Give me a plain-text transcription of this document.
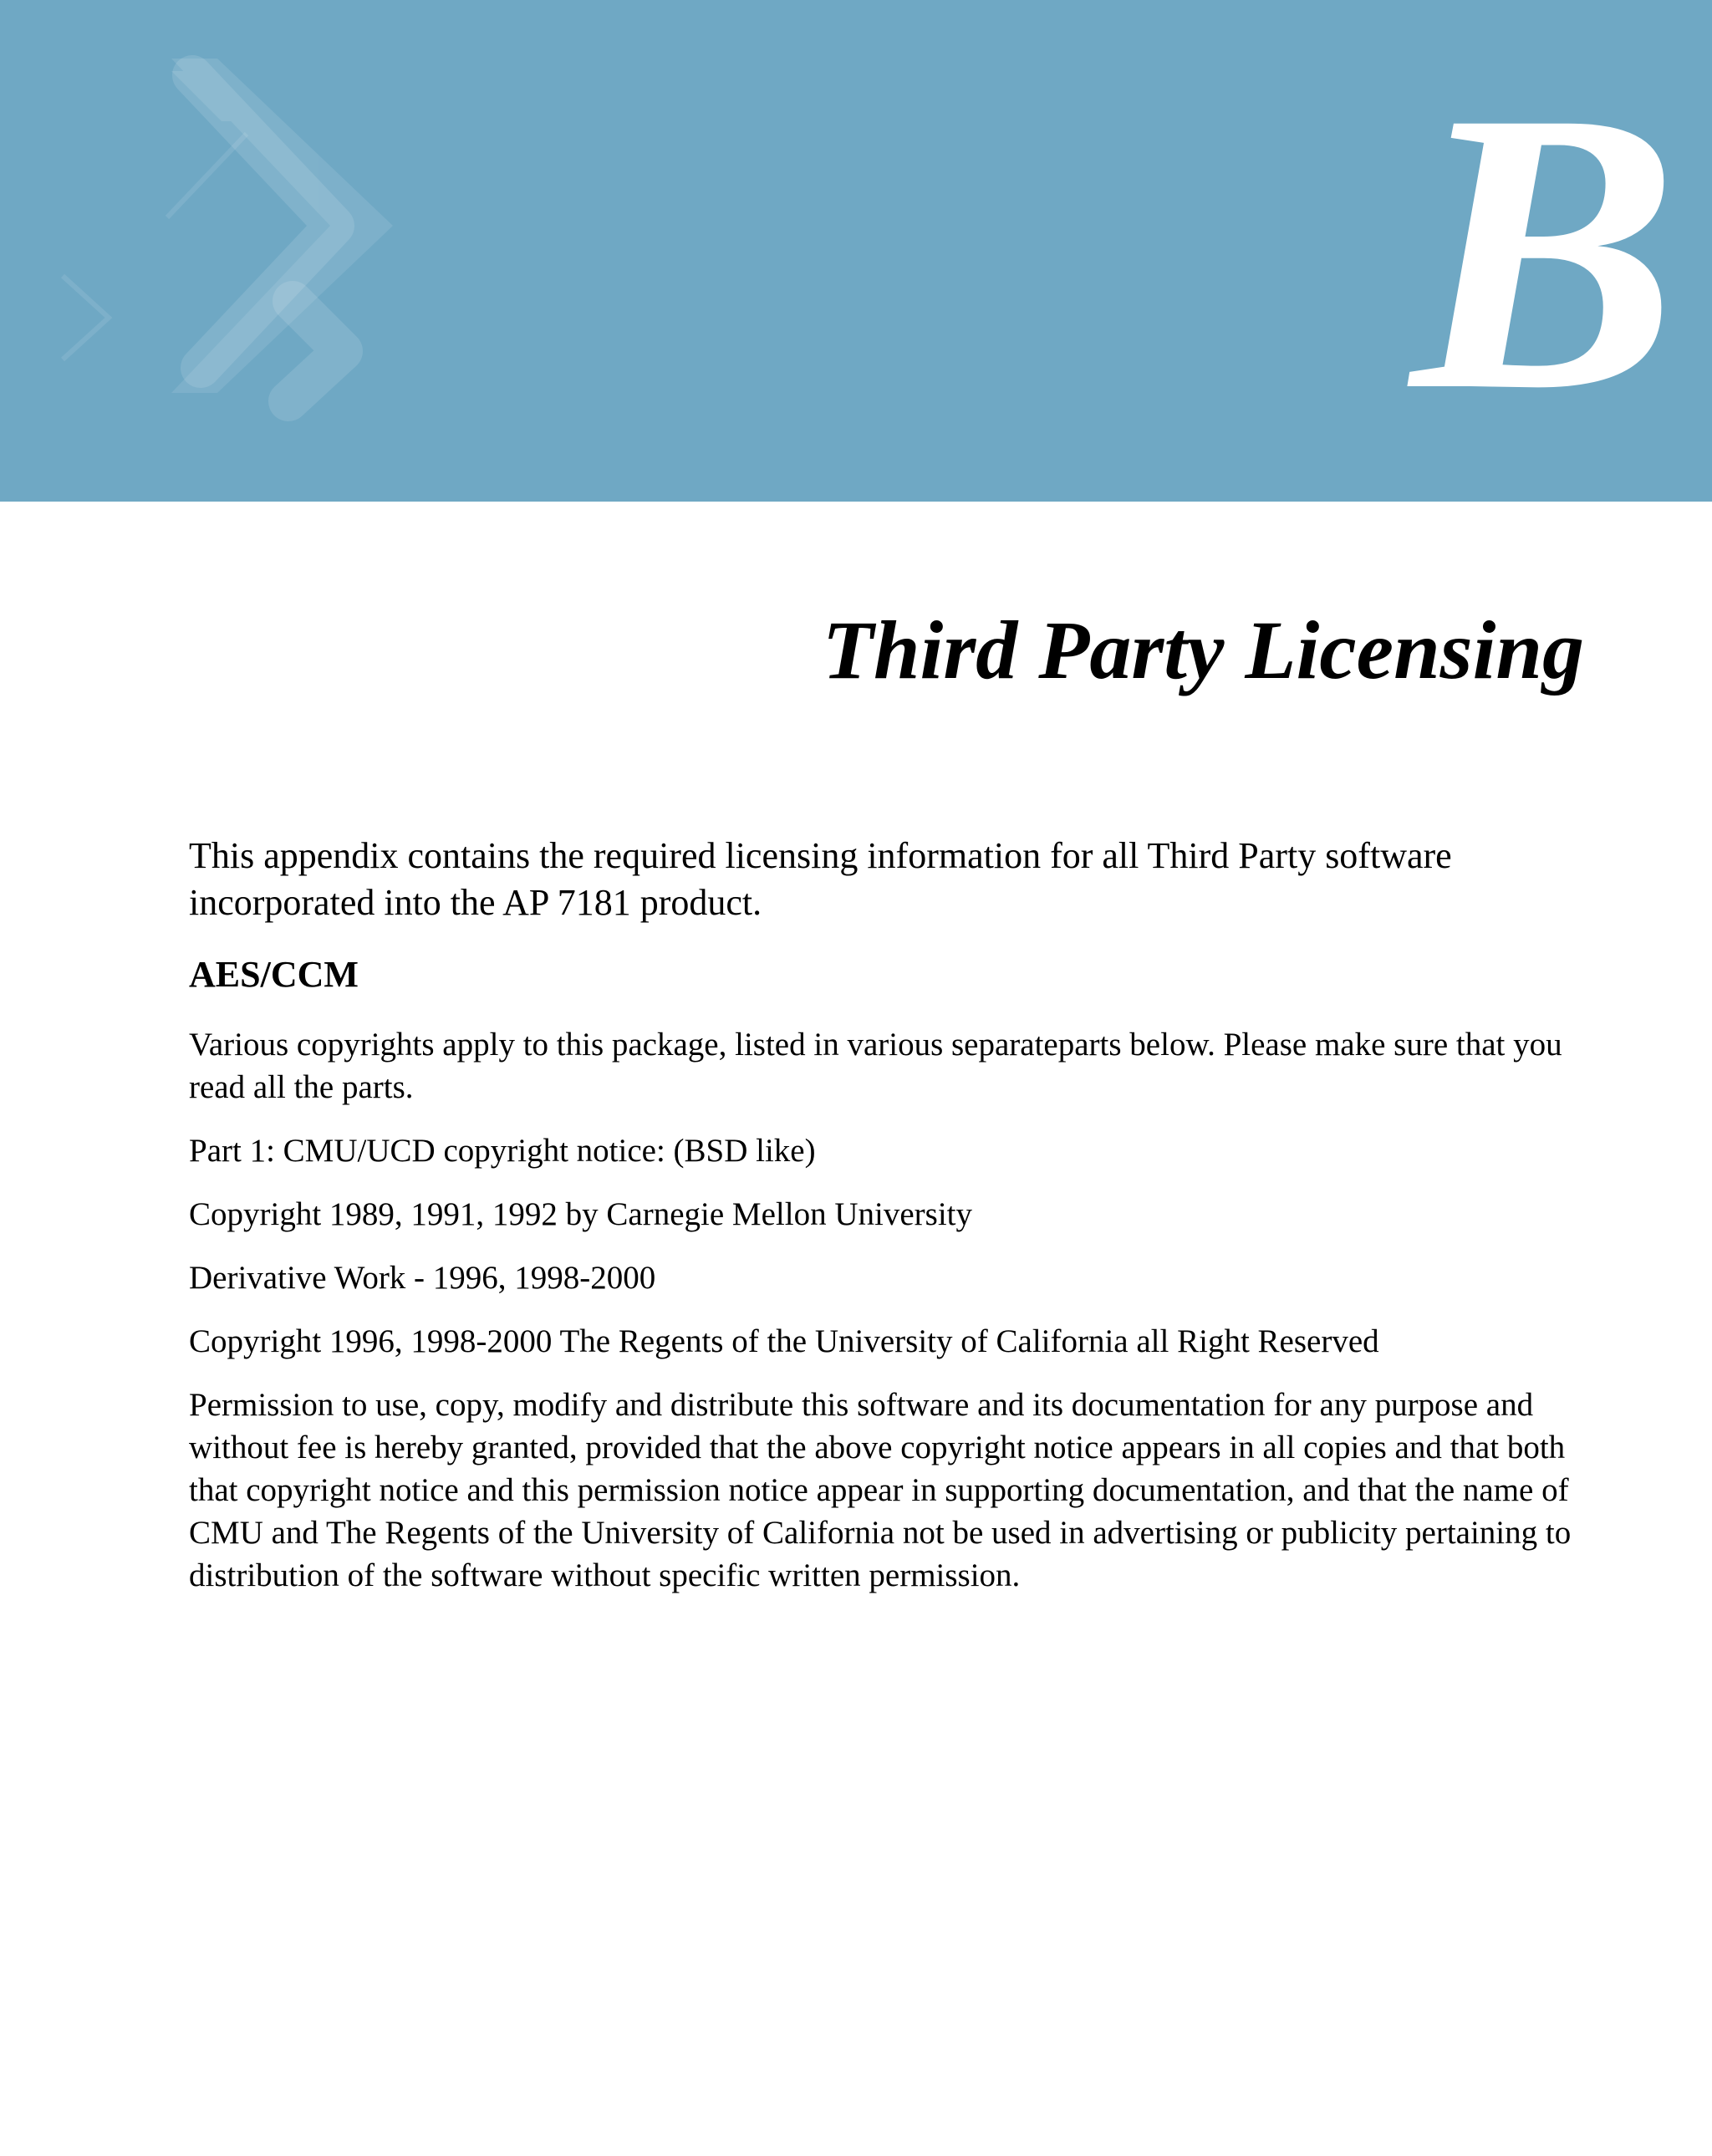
B

Third Party Licensing

This appendix contains the required licensing information for all Third Party software incorporated into the AP 7181 product.

AES/CCM

Various copyrights apply to this package, listed in various separateparts below. Please make sure that you read all the parts.

Part 1: CMU/UCD copyright notice: (BSD like)

Copyright 1989, 1991, 1992 by Carnegie Mellon University

Derivative Work - 1996, 1998-2000

Copyright 1996, 1998-2000 The Regents of the University of California all Right Reserved

Permission to use, copy, modify and distribute this software and its documentation for any purpose and without fee is hereby granted, provided that the above copyright notice appears in all copies and that both that copyright notice and this permission notice appear in supporting documentation, and that the name of CMU and The Regents of the University of California not be used in advertising or publicity pertaining to distribution of the software without specific written permission.
